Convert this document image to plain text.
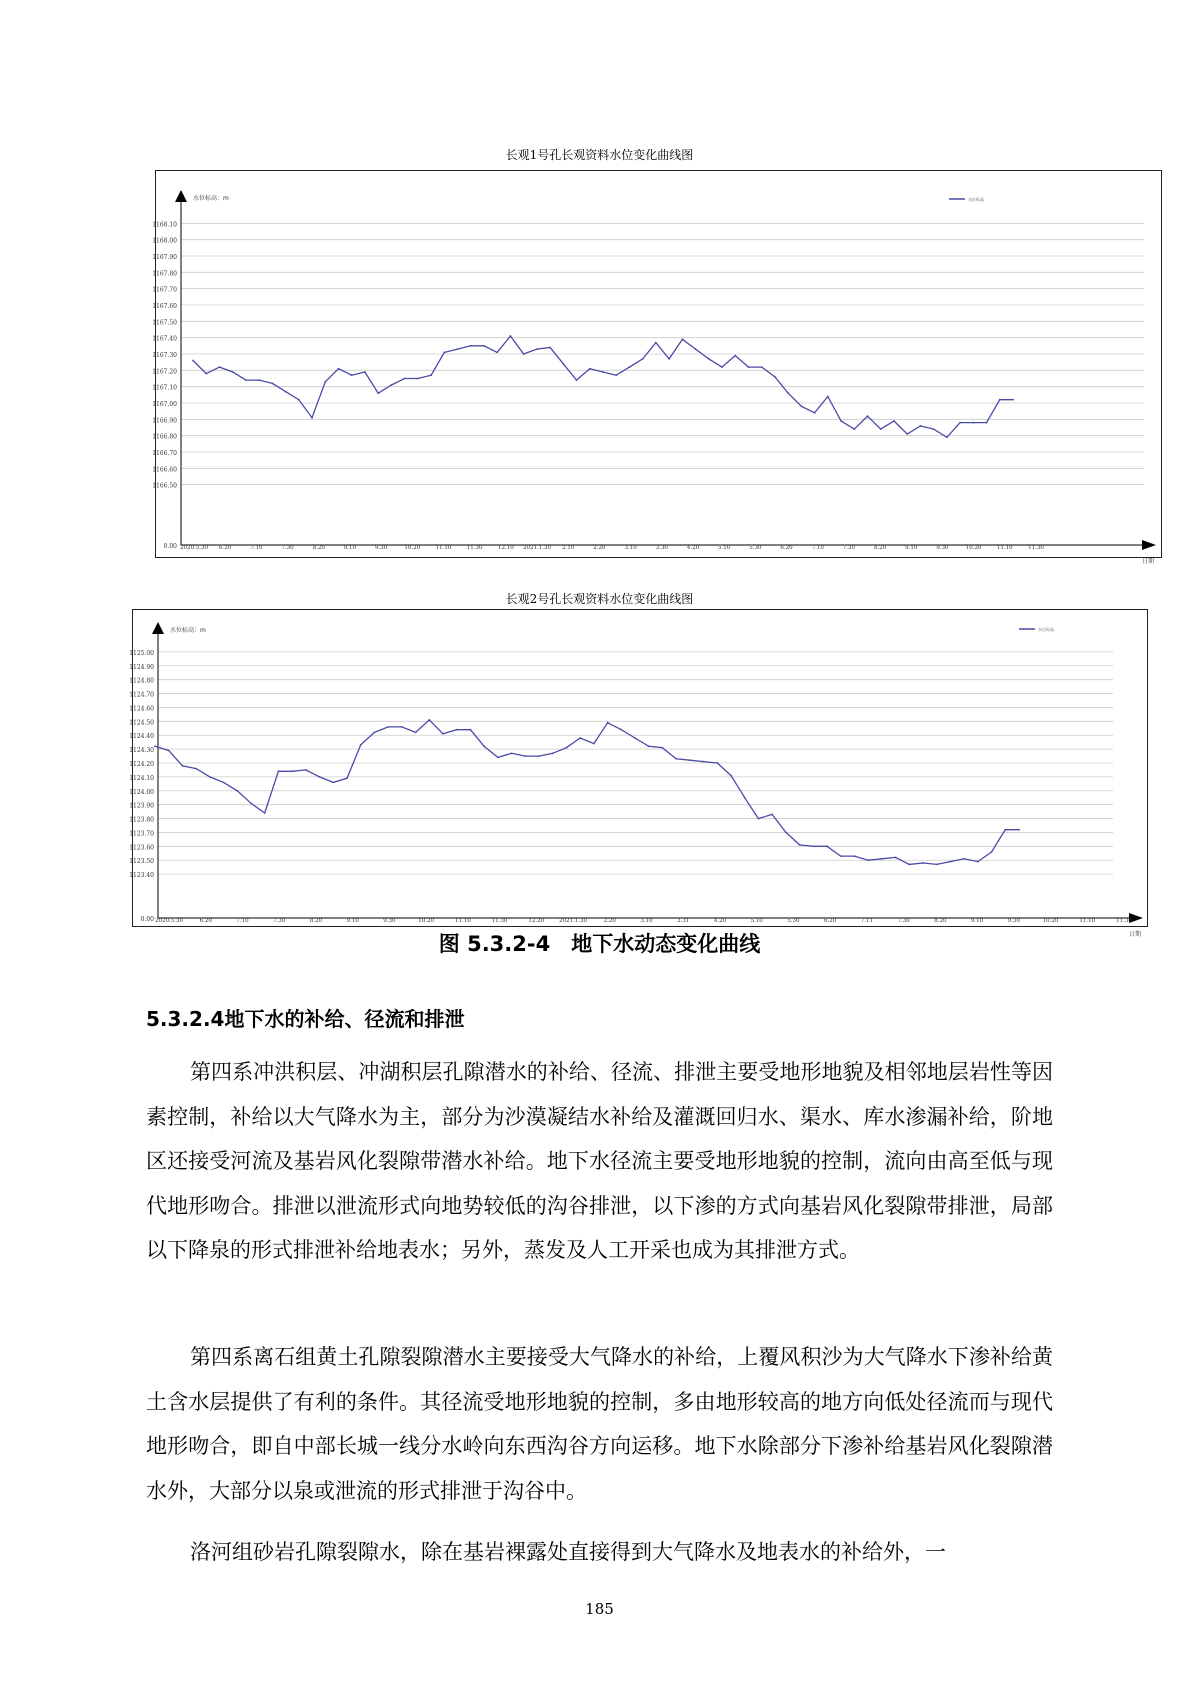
长观1号孔长观资料水位变化曲线图
1168.10
1168.00
1167.90
1167.80
1167.70
1167.60
1167.50
1167.40
1167.30
1167.20
1167.10
1167.00
1166.90
1166.80
1166.70
1166.60
1166.50
0.00
水位标高：m
日期
2020.5.30 6.20	7.10	7.30	8.20	9.10	9.30	10.20	11.10	11.30	12.10 2021.1.30 2.10	2.20	3.10	3.30	4.20	5.10	5.30	6.20	7.10	7.30	8.20	9.10	9.30	10.20	11.10	11.30
水位标高
长观2号孔长观资料水位变化曲线图
1125.00
1124.90
1124.80
1124.70
1124.60
1124.50
1124.40
1124.30
1124.20
1124.10
1124.00
1123.90
1123.80
1123.70
1123.60
1123.50
1123.40
0.00
水位标高：m
日期
2020.5.30	6.20	7.10	7.30	8.20	9.10	9.30	10.20	11.10	11.30	12.20	2021.1.30	2.20	3.10	3.31	4.20	5.10	5.30	6.20	7.11	7.30	8.20	9.10	9.30	10.20	11.10	11.30
水位标高
图 5.3.2-4　地下水动态变化曲线
5.3.2.4地下水的补给、径流和排泄

第四系冲洪积层、冲湖积层孔隙潜水的补给、径流、排泄主要受地形地貌及相邻地层岩性等因素控制，补给以大气降水为主，部分为沙漠凝结水补给及灌溉回归水、渠水、库水渗漏补给，阶地区还接受河流及基岩风化裂隙带潜水补给。地下水径流主要受地形地貌的控制，流向由高至低与现代地形吻合。排泄以泄流形式向地势较低的沟谷排泄，以下渗的方式向基岩风化裂隙带排泄，局部以下降泉的形式排泄补给地表水；另外，蒸发及人工开采也成为其排泄方式。

第四系离石组黄土孔隙裂隙潜水主要接受大气降水的补给，上覆风积沙为大气降水下渗补给黄土含水层提供了有利的条件。其径流受地形地貌的控制，多由地形较高的地方向低处径流而与现代地形吻合，即自中部长城一线分水岭向东西沟谷方向运移。地下水除部分下渗补给基岩风化裂隙潜水外，大部分以泉或泄流的形式排泄于沟谷中。

洛河组砂岩孔隙裂隙水，除在基岩裸露处直接得到大气降水及地表水的补给外，一

185
